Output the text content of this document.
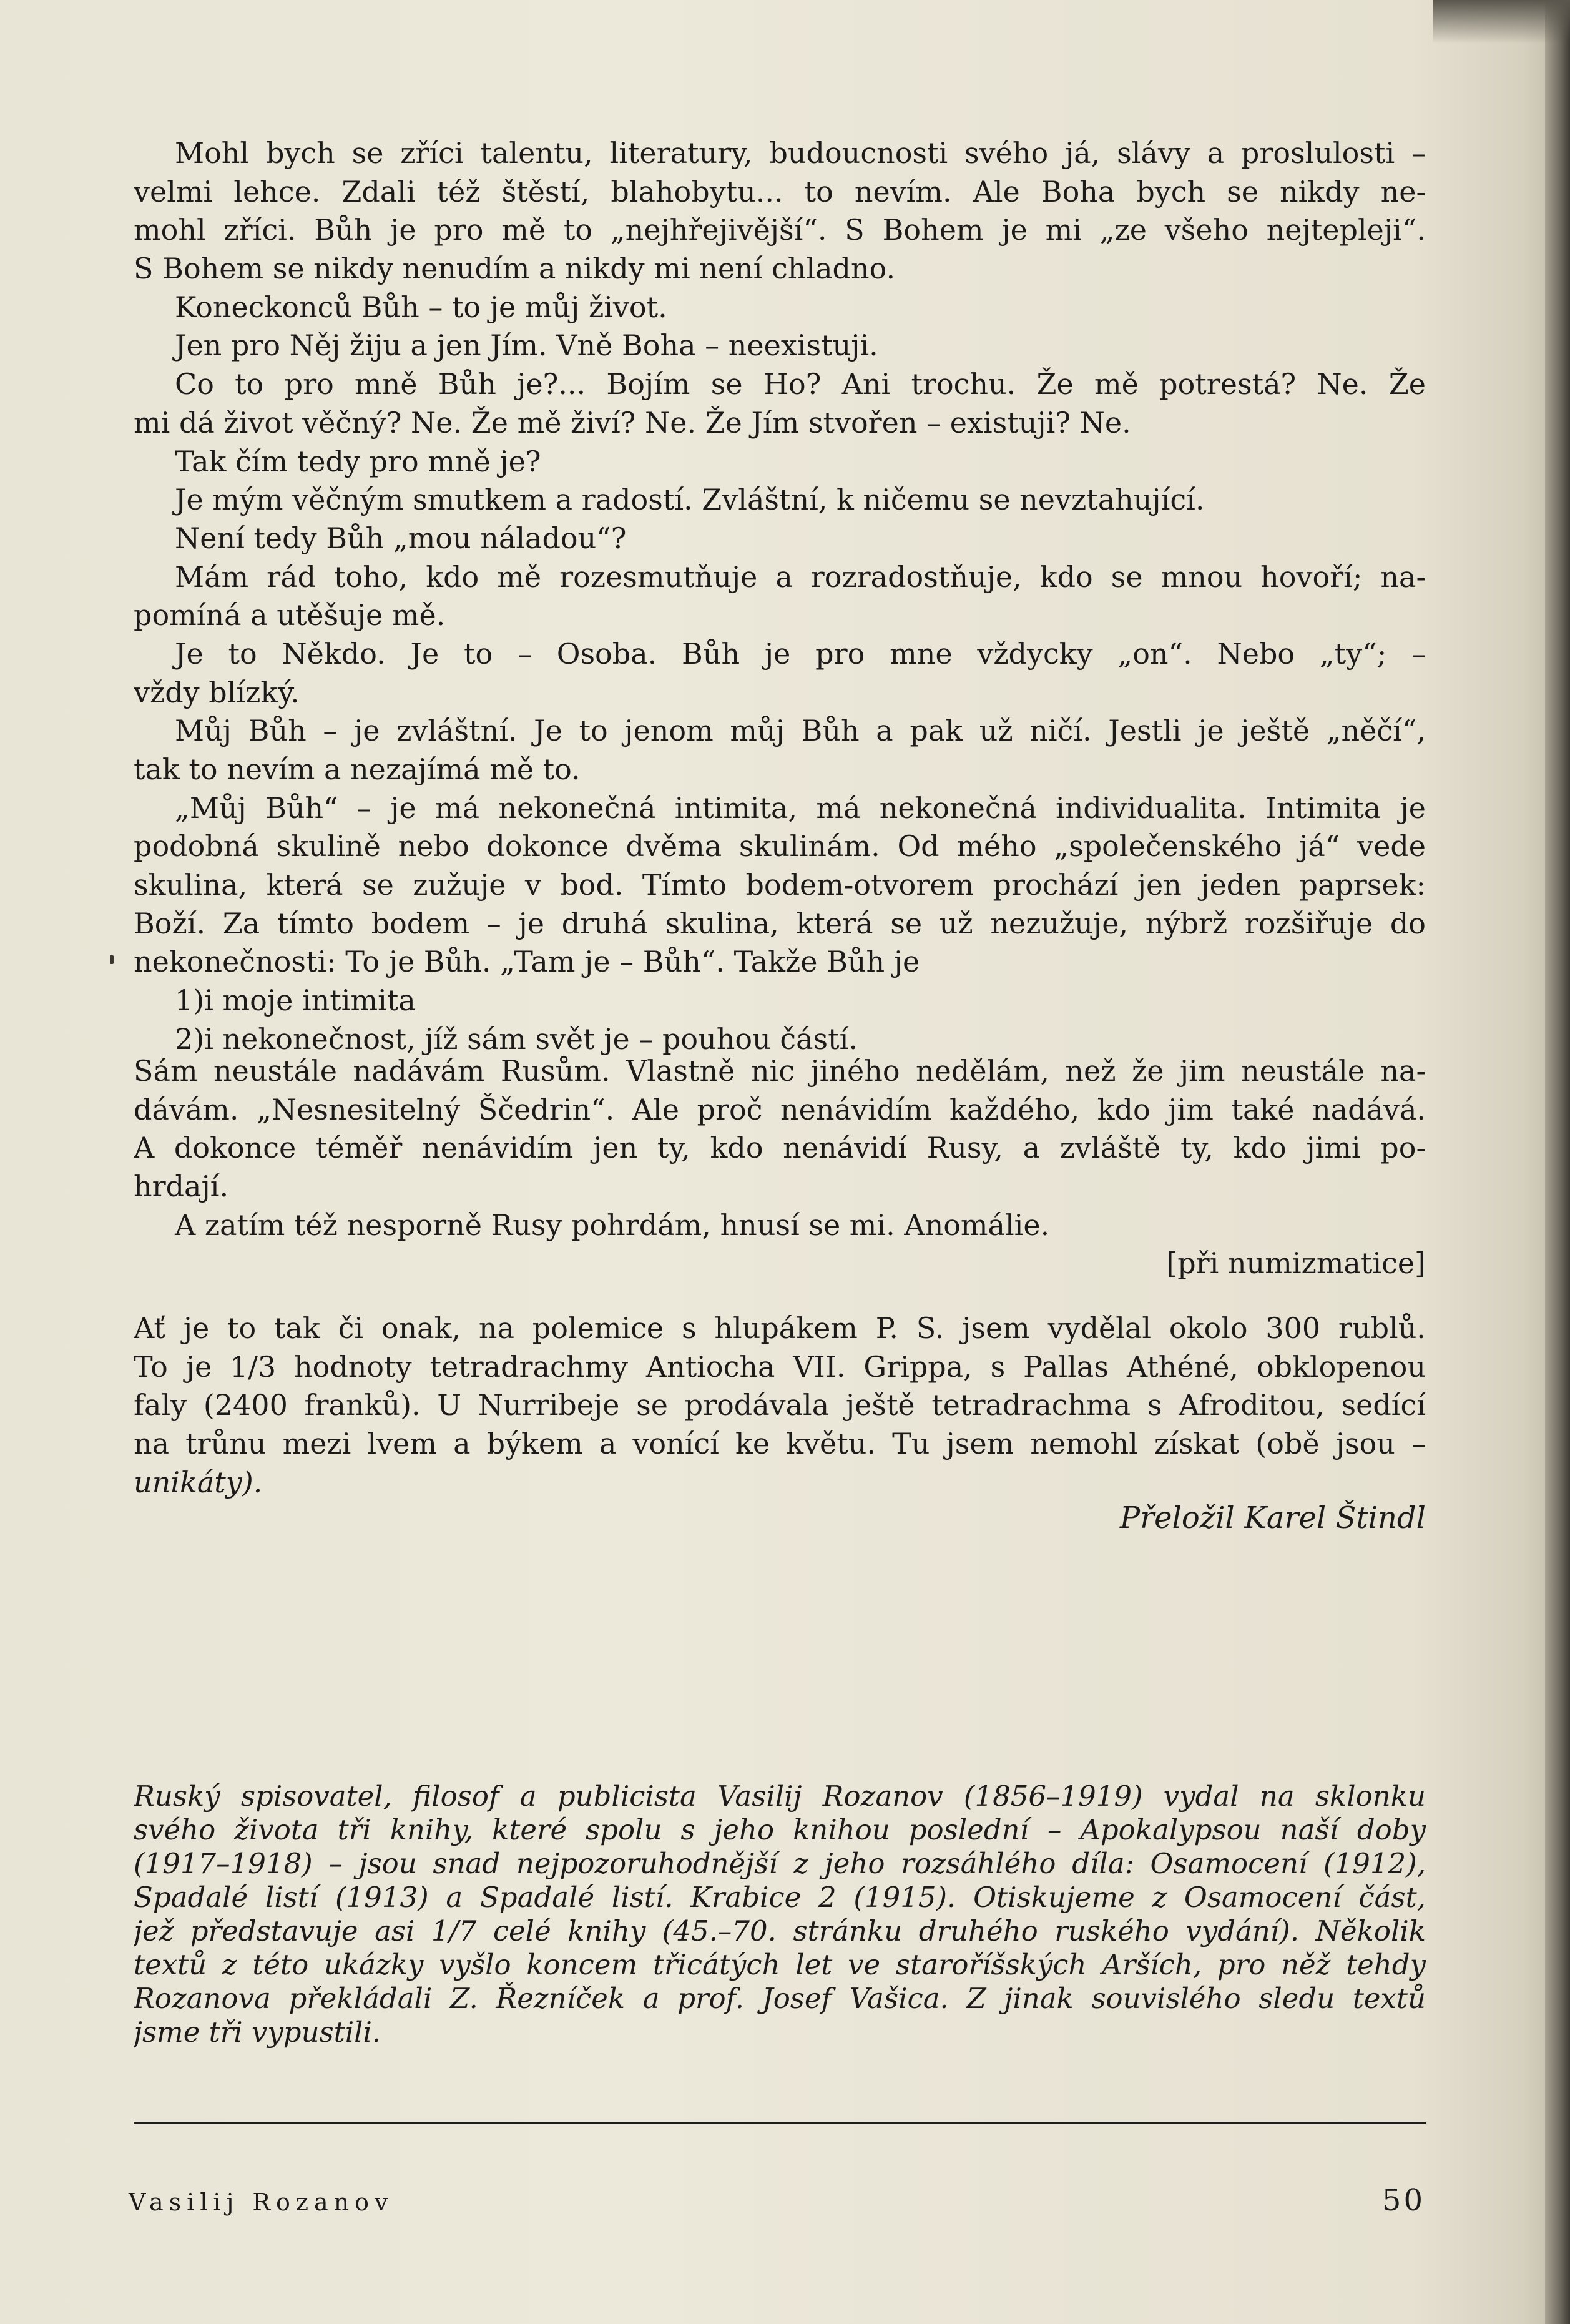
Mohl bych se zříci talentu, literatury, budoucnosti svého já, slávy a proslulosti –
velmi lehce. Zdali též štěstí, blahobytu... to nevím. Ale Boha bych se nikdy ne-
mohl zříci. Bůh je pro mě to „nejhřejivější“. S Bohem je mi „ze všeho nejtepleji“.
S Bohem se nikdy nenudím a nikdy mi není chladno.
Koneckonců Bůh – to je můj život.
Jen pro Něj žiju a jen Jím. Vně Boha – neexistuji.
Co to pro mně Bůh je?... Bojím se Ho? Ani trochu. Že mě potrestá? Ne. Že
mi dá život věčný? Ne. Že mě živí? Ne. Že Jím stvořen – existuji? Ne.
Tak čím tedy pro mně je?
Je mým věčným smutkem a radostí. Zvláštní, k ničemu se nevztahující.
Není tedy Bůh „mou náladou“?
Mám rád toho, kdo mě rozesmutňuje a rozradostňuje, kdo se mnou hovoří; na-
pomíná a utěšuje mě.
Je to Někdo. Je to – Osoba. Bůh je pro mne vždycky „on“. Nebo „ty“; –
vždy blízký.
Můj Bůh – je zvláštní. Je to jenom můj Bůh a pak už ničí. Jestli je ještě „něčí“,
tak to nevím a nezajímá mě to.
„Můj Bůh“ – je má nekonečná intimita, má nekonečná individualita. Intimita je
podobná skulině nebo dokonce dvěma skulinám. Od mého „společenského já“ vede
skulina, která se zužuje v bod. Tímto bodem-otvorem prochází jen jeden paprsek:
Boží. Za tímto bodem – je druhá skulina, která se už nezužuje, nýbrž rozšiřuje do
nekonečnosti: To je Bůh. „Tam je – Bůh“. Takže Bůh je
1)i moje intimita
2)i nekonečnost, jíž sám svět je – pouhou částí.
Sám neustále nadávám Rusům. Vlastně nic jiného nedělám, než že jim neustále na-
dávám. „Nesnesitelný Ščedrin“. Ale proč nenávidím každého, kdo jim také nadává.
A dokonce téměř nenávidím jen ty, kdo nenávidí Rusy, a zvláště ty, kdo jimi po-
hrdají.
A zatím též nesporně Rusy pohrdám, hnusí se mi. Anomálie.
[při numizmatice]
Ať je to tak či onak, na polemice s hlupákem P. S. jsem vydělal okolo 300 rublů.
To je 1/3 hodnoty tetradrachmy Antiocha VII. Grippa, s Pallas Athéné, obklopenou
faly (2400 franků). U Nurribeje se prodávala ještě tetradrachma s Afroditou, sedící
na trůnu mezi lvem a býkem a vonící ke květu. Tu jsem nemohl získat (obě jsou –
unikáty).
Přeložil Karel Štindl
Ruský spisovatel, filosof a publicista Vasilij Rozanov (1856–1919) vydal na sklonku
svého života tři knihy, které spolu s jeho knihou poslední – Apokalypsou naší doby
(1917–1918) – jsou snad nejpozoruhodnější z jeho rozsáhlého díla: Osamocení (1912),
Spadalé listí (1913) a Spadalé listí. Krabice 2 (1915). Otiskujeme z Osamocení část,
jež představuje asi 1/7 celé knihy (45.–70. stránku druhého ruského vydání). Několik
textů z této ukázky vyšlo koncem třicátých let ve staroříšských Arších, pro něž tehdy
Rozanova překládali Z. Řezníček a prof. Josef Vašica. Z jinak souvislého sledu textů
jsme tři vypustili.
Vasilij Rozanov	50
